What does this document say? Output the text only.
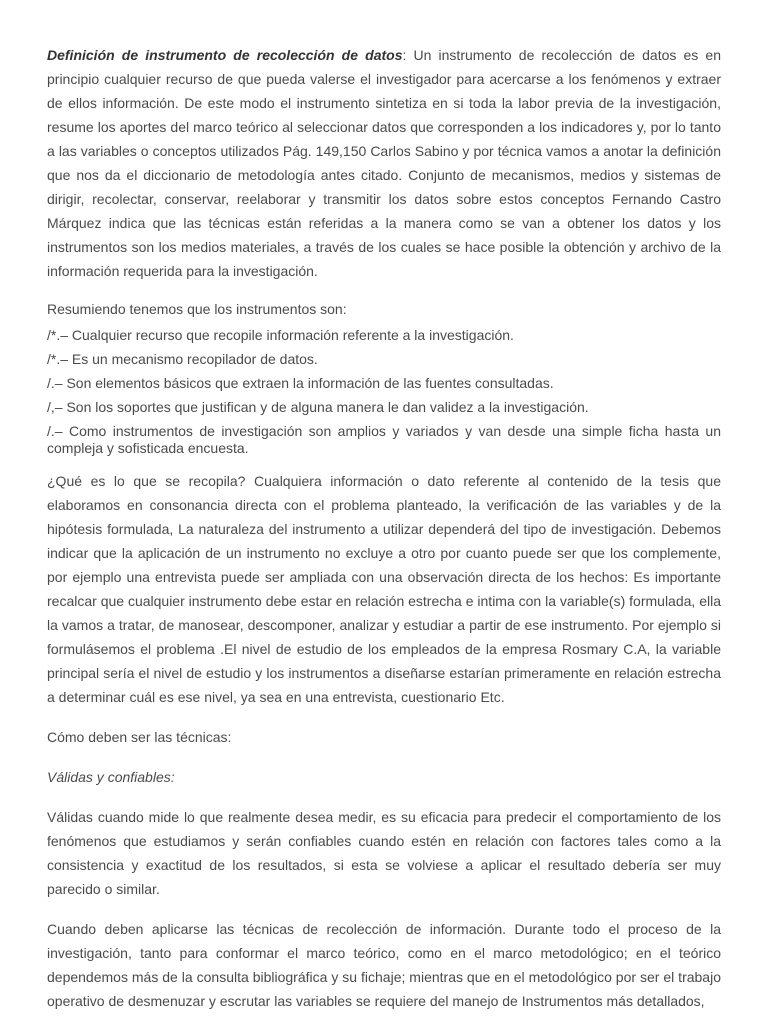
Definición de instrumento de recolección de datos: Un instrumento de recolección de datos es en principio cualquier recurso de que pueda valerse el investigador para acercarse a los fenómenos y extraer de ellos información. De este modo el instrumento sintetiza en si toda la labor previa de la investigación, resume los aportes del marco teórico al seleccionar datos que corresponden a los indicadores y, por lo tanto a las variables o conceptos utilizados Pág. 149,150 Carlos Sabino y por técnica vamos a anotar la definición que nos da el diccionario de metodología antes citado. Conjunto de mecanismos, medios y sistemas de dirigir, recolectar, conservar, reelaborar y transmitir los datos sobre estos conceptos Fernando Castro Márquez indica que las técnicas están referidas a la manera como se van a obtener los datos y los instrumentos son los medios materiales, a través de los cuales se hace posible la obtención y archivo de la información requerida para la investigación.

Resumiendo tenemos que los instrumentos son:

/*.– Cualquier recurso que recopile información referente a la investigación.
/*.– Es un mecanismo recopilador de datos.
/.– Son elementos básicos que extraen la información de las fuentes consultadas.
/,– Son los soportes que justifican y de alguna manera le dan validez a la investigación.
/.– Como instrumentos de investigación son amplios y variados y van desde una simple ficha hasta un compleja y sofisticada encuesta.

¿Qué es lo que se recopila? Cualquiera información o dato referente al contenido de la tesis que elaboramos en consonancia directa con el problema planteado, la verificación de las variables y de la hipótesis formulada, La naturaleza del instrumento a utilizar dependerá del tipo de investigación. Debemos indicar que la aplicación de un instrumento no excluye a otro por cuanto puede ser que los complemente, por ejemplo una entrevista puede ser ampliada con una observación directa de los hechos: Es importante recalcar que cualquier instrumento debe estar en relación estrecha e intima con la variable(s) formulada, ella la vamos a tratar, de manosear, descomponer, analizar y estudiar a partir de ese instrumento. Por ejemplo si formulásemos el problema .El nivel de estudio de los empleados de la empresa Rosmary C.A, la variable principal sería el nivel de estudio y los instrumentos a diseñarse estarían primeramente en relación estrecha a determinar cuál es ese nivel, ya sea en una entrevista, cuestionario Etc.

Cómo deben ser las técnicas:

Válidas y confiables:

Válidas cuando mide lo que realmente desea medir, es su eficacia para predecir el comportamiento de los fenómenos que estudiamos y serán confiables cuando estén en relación con factores tales como a la consistencia y exactitud de los resultados, si esta se volviese a aplicar el resultado debería ser muy parecido o similar.

Cuando deben aplicarse las técnicas de recolección de información. Durante todo el proceso de la investigación, tanto para conformar el marco teórico, como en el marco metodológico; en el teórico dependemos más de la consulta bibliográfica y su fichaje; mientras que en el metodológico por ser el trabajo operativo de desmenuzar y escrutar las variables se requiere del manejo de Instrumentos más detallados,
